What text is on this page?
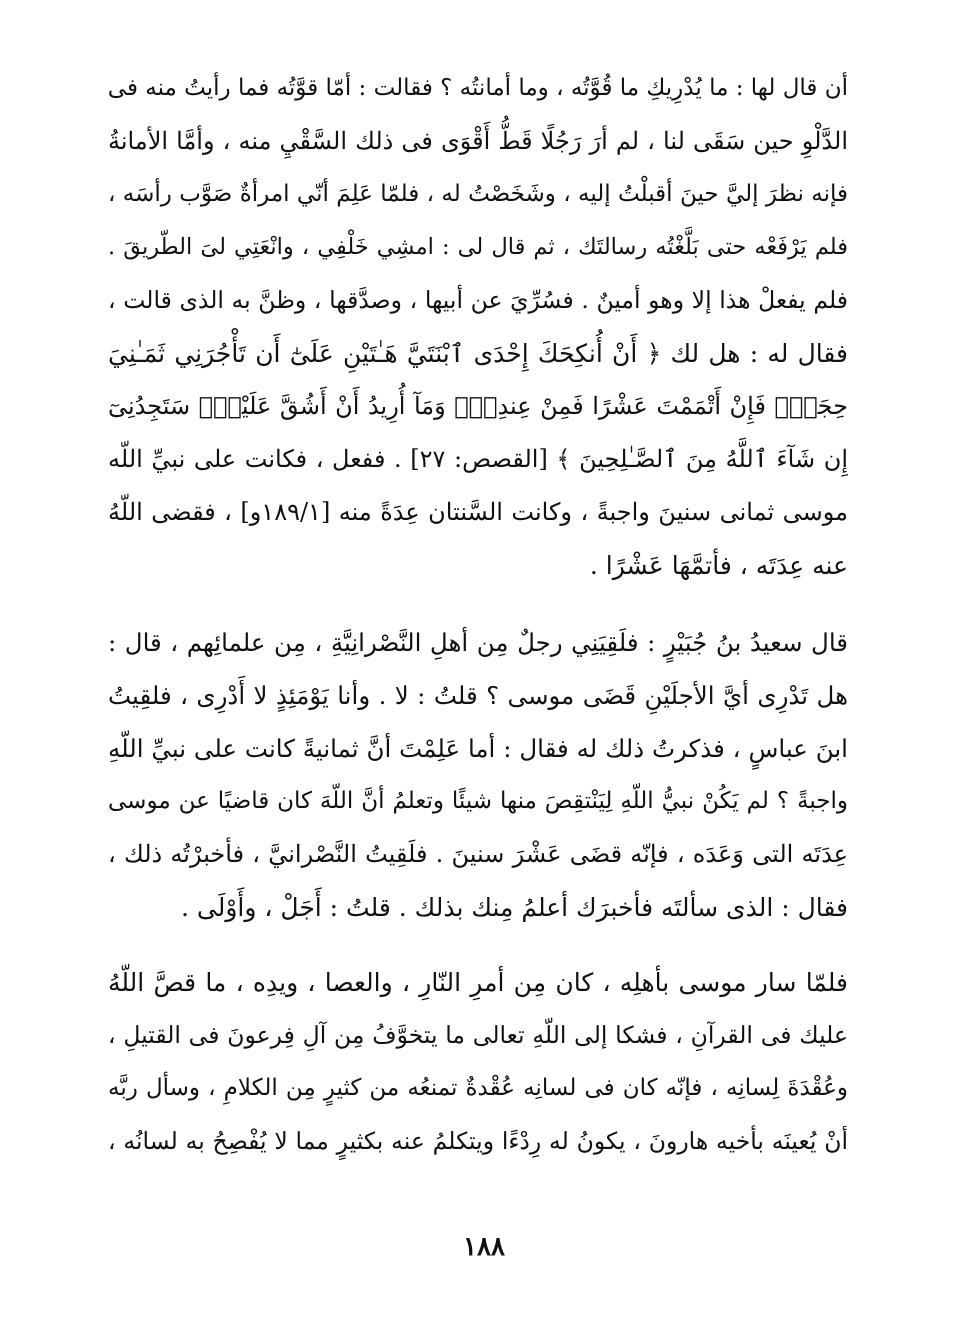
أن قال لها : ما يُدْرِيكِ ما قُوَّتُه ، وما أمانتُه ؟ فقالت : أمّا قوَّتُه فما رأيتُ منه فى
الدَّلْوِ حين سَقَى لنا ، لم أرَ رَجُلًا قَطُّ أَقْوَى فى ذلك السَّقْيِ منه ، وأمَّا الأمانةُ
فإنه نظرَ إليَّ حينَ أقبلْتُ إليه ، وشَخَصْتُ له ، فلمّا عَلِمَ أنّي امرأةٌ صَوَّب رأسَه ،
فلم يَرْفَعْه حتى بَلَّغْتُه رسالتَك ، ثم قال لى : امشِي خَلْفِي ، وانْعَتِي لىَ الطّريقَ .
فلم يفعلْ هذا إلا وهو أمينٌ . فسُرِّيَ عن أبيها ، وصدَّقها ، وظنَّ به الذى قالت ،
فقال له : هل لك ﴿ أَنْ أُنكِحَكَ إِحْدَى ٱبْنَتَيَّ هَـٰتَيْنِ عَلَىٰٓ أَن تَأْجُرَنِي ثَمَـٰنِيَ
حِجَجٍۖ فَإِنْ أَتْمَمْتَ عَشْرًا فَمِنْ عِندِكَۖ وَمَآ أُرِيدُ أَنْ أَشُقَّ عَلَيْكَۚ سَتَجِدُنِىٓ
إِن شَآءَ ٱللَّهُ مِنَ ٱلصَّـٰلِحِينَ ﴾ [القصص: ٢٧] . ففعل ، فكانت على نبيِّ اللّه
موسى ثمانى سنينَ واجبةً ، وكانت السَّنتان عِدَةً منه [١٨٩/١و] ، فقضى اللّهُ
عنه عِدَتَه ، فأتمَّهَا عَشْرًا .
قال سعيدُ بنُ جُبَيْرٍ : فلَقِيَنِي رجلٌ مِن أهلِ النَّصْرانِيَّةِ ، مِن علمائِهم ، قال :
هل تَدْرِى أيَّ الأجلَيْنِ قَضَى موسى ؟ قلتُ : لا . وأنا يَوْمَئِذٍ لا أَدْرِى ، فلقِيتُ
ابنَ عباسٍ ، فذكرتُ ذلك له فقال : أما عَلِمْتَ أنَّ ثمانيةً كانت على نبيِّ اللّهِ
واجبةً ؟ لم يَكُنْ نبيُّ اللّهِ لِيَنْتقِصَ منها شيئًا وتعلمُ أنَّ اللّهَ كان قاضيًا عن موسى
عِدَتَه التى وَعَدَه ، فإنّه قضَى عَشْرَ سنينَ . فلَقِيتُ النَّصْرانيَّ ، فأخبرْتُه ذلك ،
فقال : الذى سألتَه فأخبرَك أعلمُ مِنك بذلك . قلتُ : أَجَلْ ، وأَوْلَى .
فلمّا سار موسى بأهلِه ، كان مِن أمرِ النّارِ ، والعصا ، ويدِه ، ما قصَّ اللّهُ
عليك فى القرآنِ ، فشكا إلى اللّهِ تعالى ما يتخوَّفُ مِن آلِ فِرعونَ فى القتيلِ ،
وعُقْدَةَ لِسانِه ، فإنّه كان فى لسانِه عُقْدةٌ تمنعُه من كثيرٍ مِن الكلامِ ، وسأل ربَّه
أنْ يُعينَه بأخيه هارونَ ، يكونُ له رِدْءًا ويتكلمُ عنه بكثيرٍ مما لا يُفْصِحُ به لسانُه ،
١٨٨
